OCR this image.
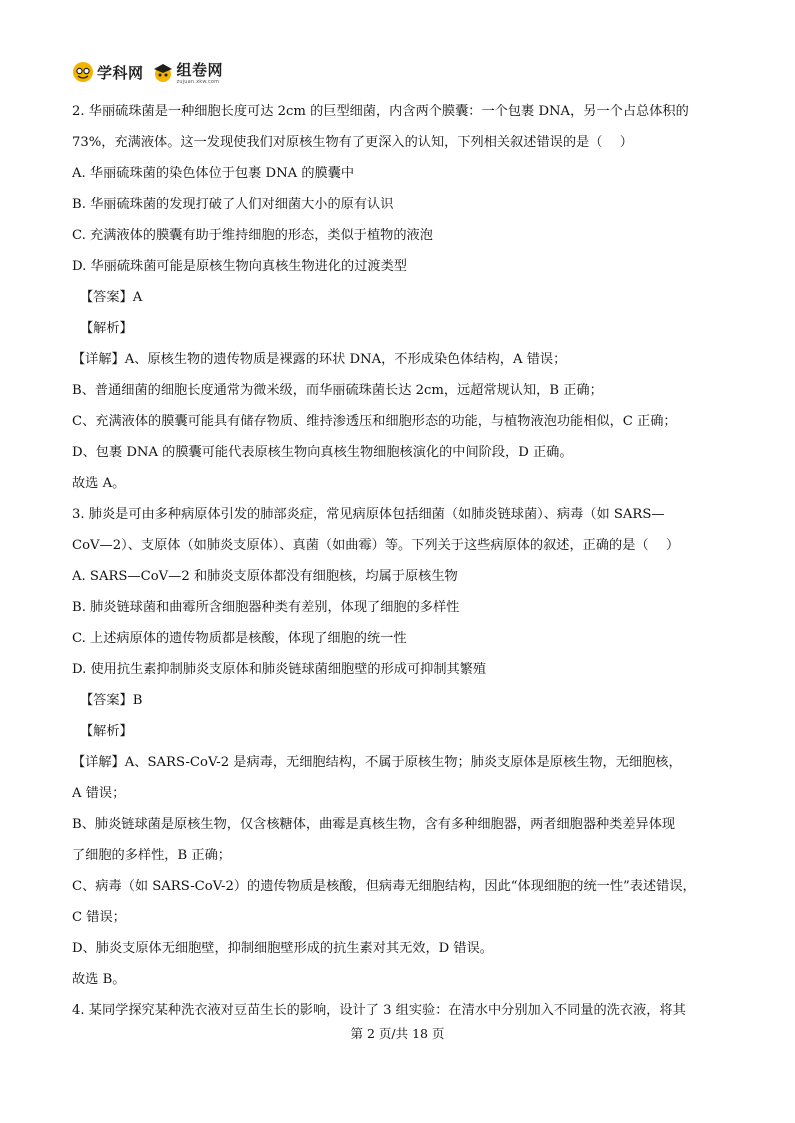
学科网 组卷网
zujuan.xkw.com
2. 华丽硫珠菌是一种细胞长度可达 2cm 的巨型细菌，内含两个膜囊：一个包裹 DNA，另一个占总体积的
73%，充满液体。这一发现使我们对原核生物有了更深入的认知，下列相关叙述错误的是（　 ）
A. 华丽硫珠菌的染色体位于包裹 DNA 的膜囊中
B. 华丽硫珠菌的发现打破了人们对细菌大小的原有认识
C. 充满液体的膜囊有助于维持细胞的形态，类似于植物的液泡
D. 华丽硫珠菌可能是原核生物向真核生物进化的过渡类型
【答案】A
【解析】
【详解】A、原核生物的遗传物质是裸露的环状 DNA，不形成染色体结构，A 错误；
B、普通细菌的细胞长度通常为微米级，而华丽硫珠菌长达 2cm，远超常规认知，B 正确；
C、充满液体的膜囊可能具有储存物质、维持渗透压和细胞形态的功能，与植物液泡功能相似，C 正确；
D、包裹 DNA 的膜囊可能代表原核生物向真核生物细胞核演化的中间阶段，D 正确。
故选 A。
3. 肺炎是可由多种病原体引发的肺部炎症，常见病原体包括细菌（如肺炎链球菌）、病毒（如 SARS—
CoV—2）、支原体（如肺炎支原体）、真菌（如曲霉）等。下列关于这些病原体的叙述，正确的是（　 ）
A. SARS—CoV—2 和肺炎支原体都没有细胞核，均属于原核生物
B. 肺炎链球菌和曲霉所含细胞器种类有差别，体现了细胞的多样性
C. 上述病原体的遗传物质都是核酸，体现了细胞的统一性
D. 使用抗生素抑制肺炎支原体和肺炎链球菌细胞壁的形成可抑制其繁殖
【答案】B
【解析】
【详解】A、SARS-CoV-2 是病毒，无细胞结构，不属于原核生物；肺炎支原体是原核生物，无细胞核，
A 错误；
B、肺炎链球菌是原核生物，仅含核糖体，曲霉是真核生物，含有多种细胞器，两者细胞器种类差异体现
了细胞的多样性，B 正确；
C、病毒（如 SARS-CoV-2）的遗传物质是核酸，但病毒无细胞结构，因此“体现细胞的统一性”表述错误，
C 错误；
D、肺炎支原体无细胞壁，抑制细胞壁形成的抗生素对其无效，D 错误。
故选 B。
4. 某同学探究某种洗衣液对豆苗生长的影响，设计了 3 组实验：在清水中分别加入不同量的洗衣液，将其
第 2 页/共 18 页
